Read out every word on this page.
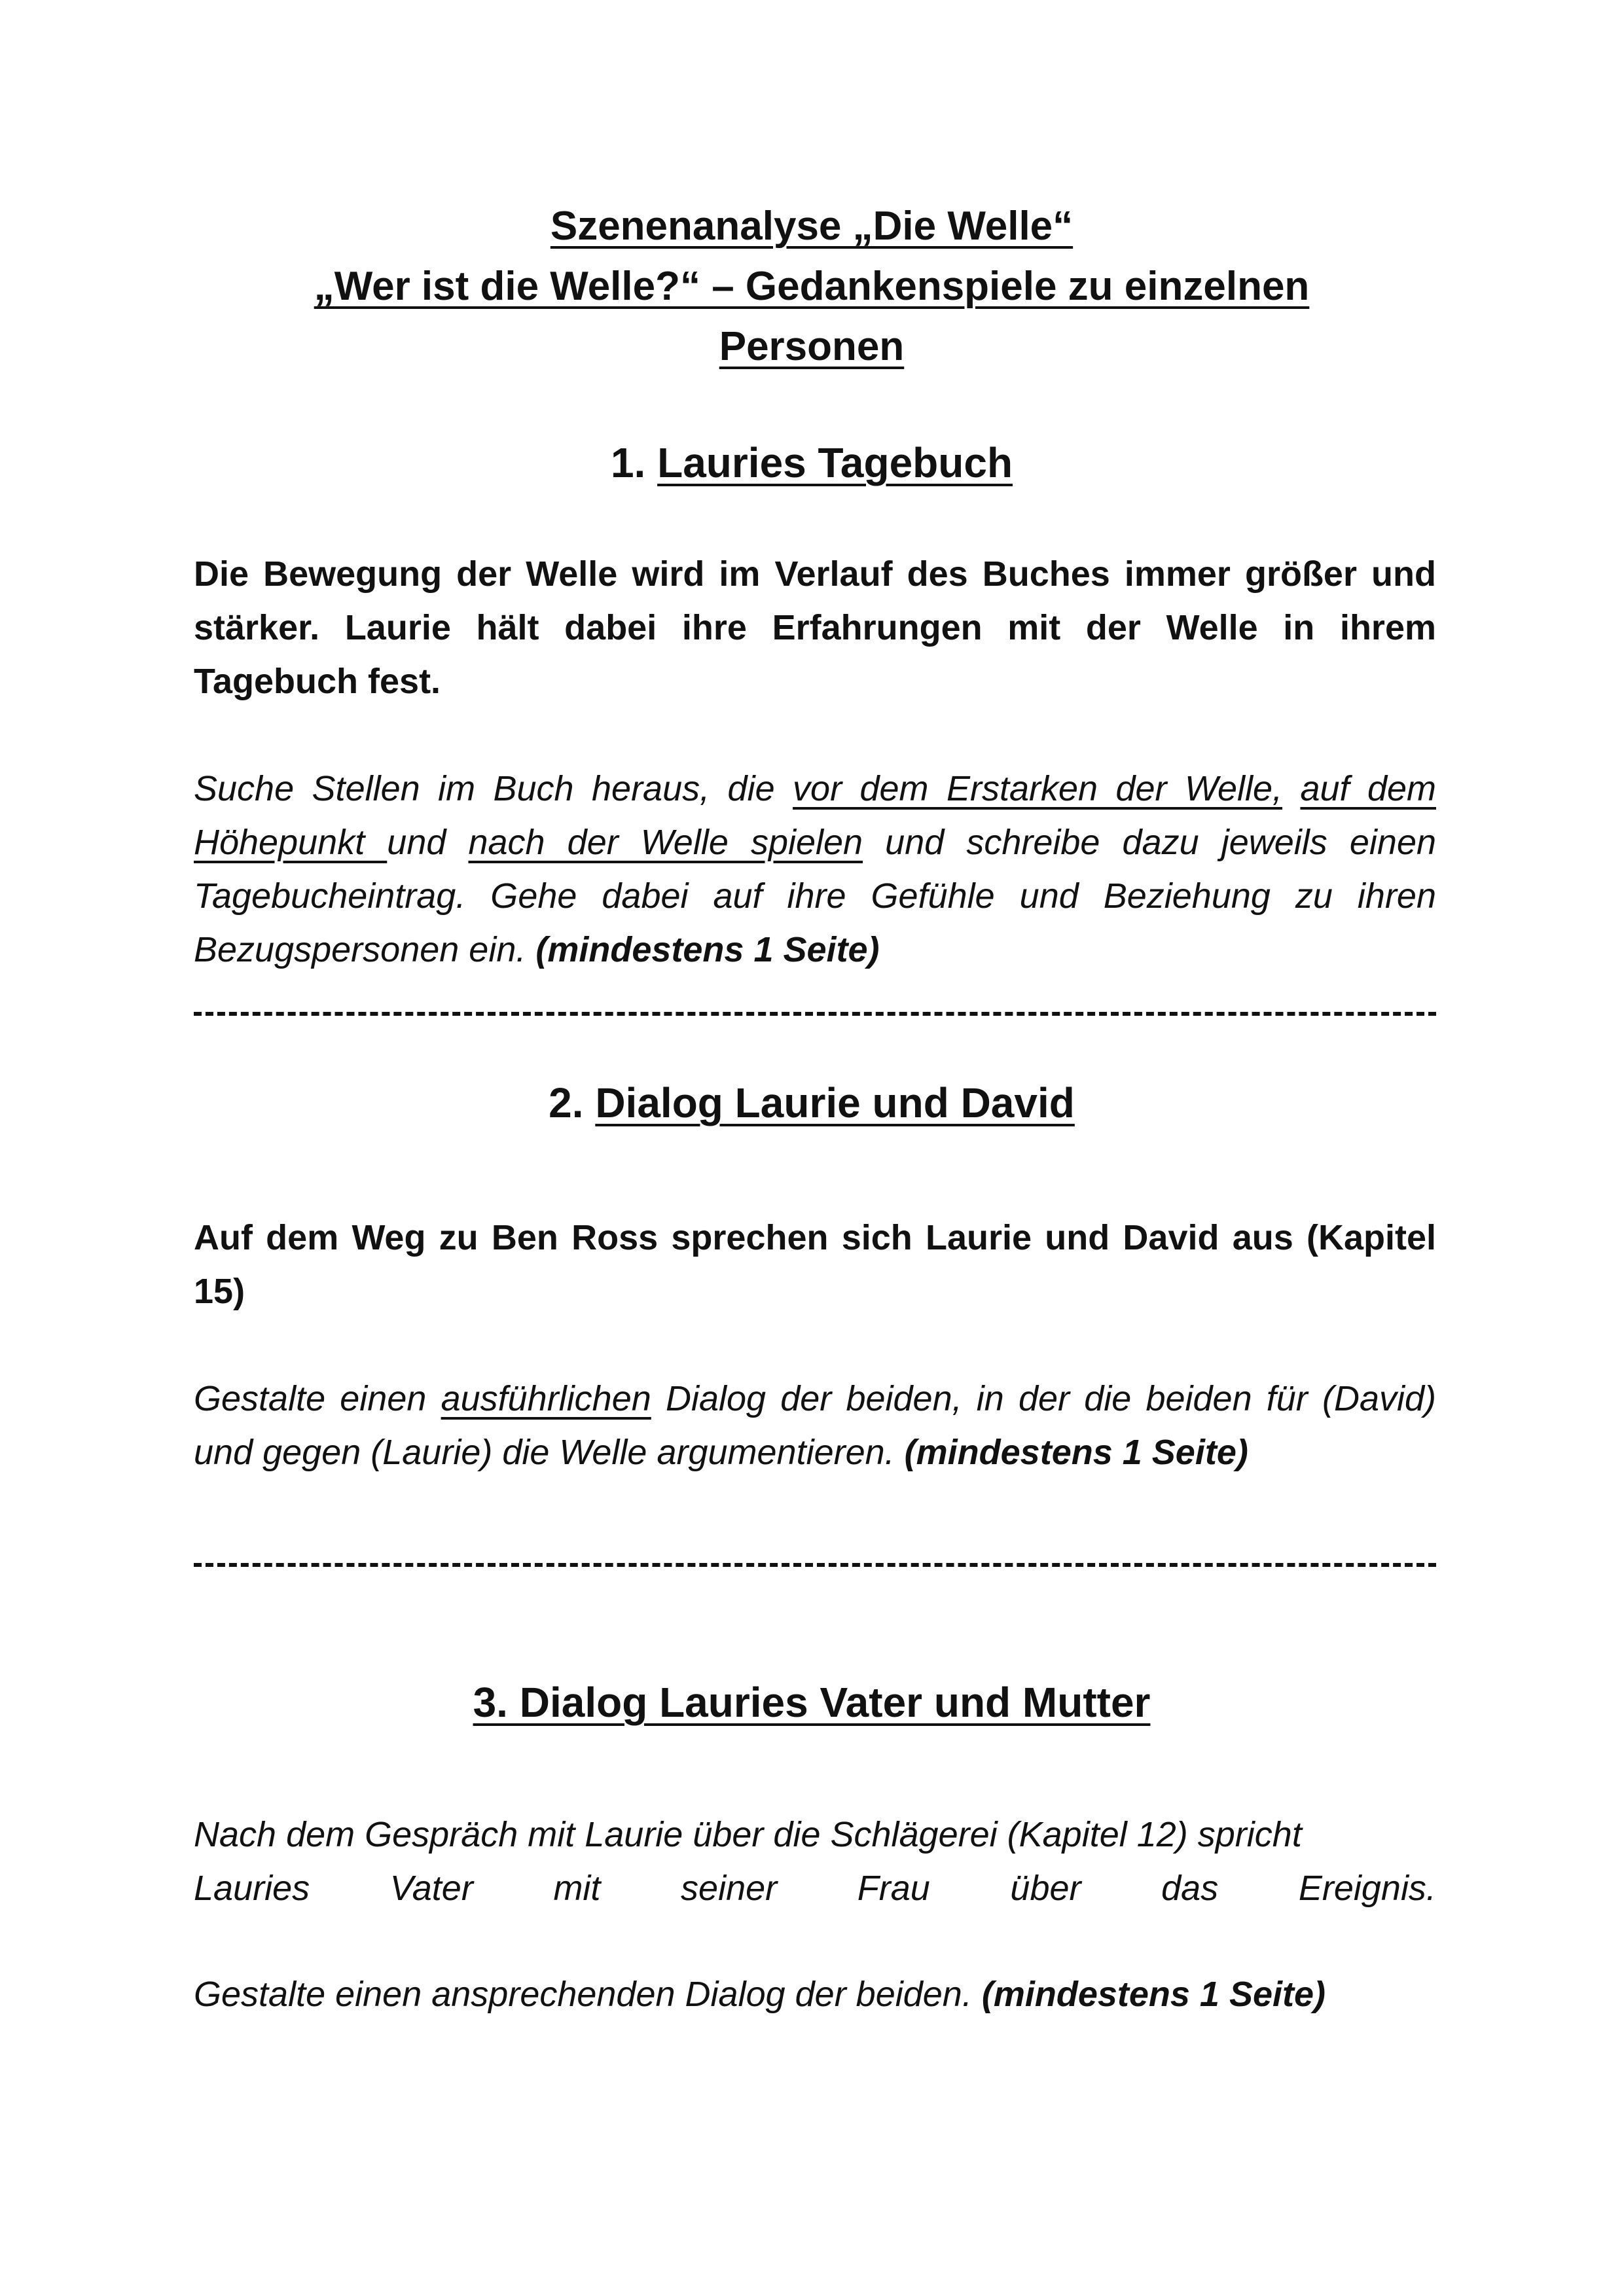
Szenenanalyse „Die Welle“
„Wer ist die Welle?“ – Gedankenspiele zu einzelnen
Personen
1. Lauries Tagebuch

Die Bewegung der Welle wird im Verlauf des Buches immer größer und stärker. Laurie hält dabei ihre Erfahrungen mit der Welle in ihrem Tagebuch fest.

Suche Stellen im Buch heraus, die vor dem Erstarken der Welle, auf dem Höhepunkt und nach der Welle spielen und schreibe dazu jeweils einen Tagebucheintrag. Gehe dabei auf ihre Gefühle und Beziehung zu ihren Bezugspersonen ein. (mindestens 1 Seite)

2. Dialog Laurie und David

Auf dem Weg zu Ben Ross sprechen sich Laurie und David aus (Kapitel 15)

Gestalte einen ausführlichen Dialog der beiden, in der die beiden für (David) und gegen (Laurie) die Welle argumentieren. (mindestens 1 Seite)

3. Dialog Lauries Vater und Mutter
Nach dem Gespräch mit Laurie über die Schlägerei (Kapitel 12) spricht
Lauries Vater mit seiner Frau über das Ereignis.

Gestalte einen ansprechenden Dialog der beiden. (mindestens 1 Seite)
